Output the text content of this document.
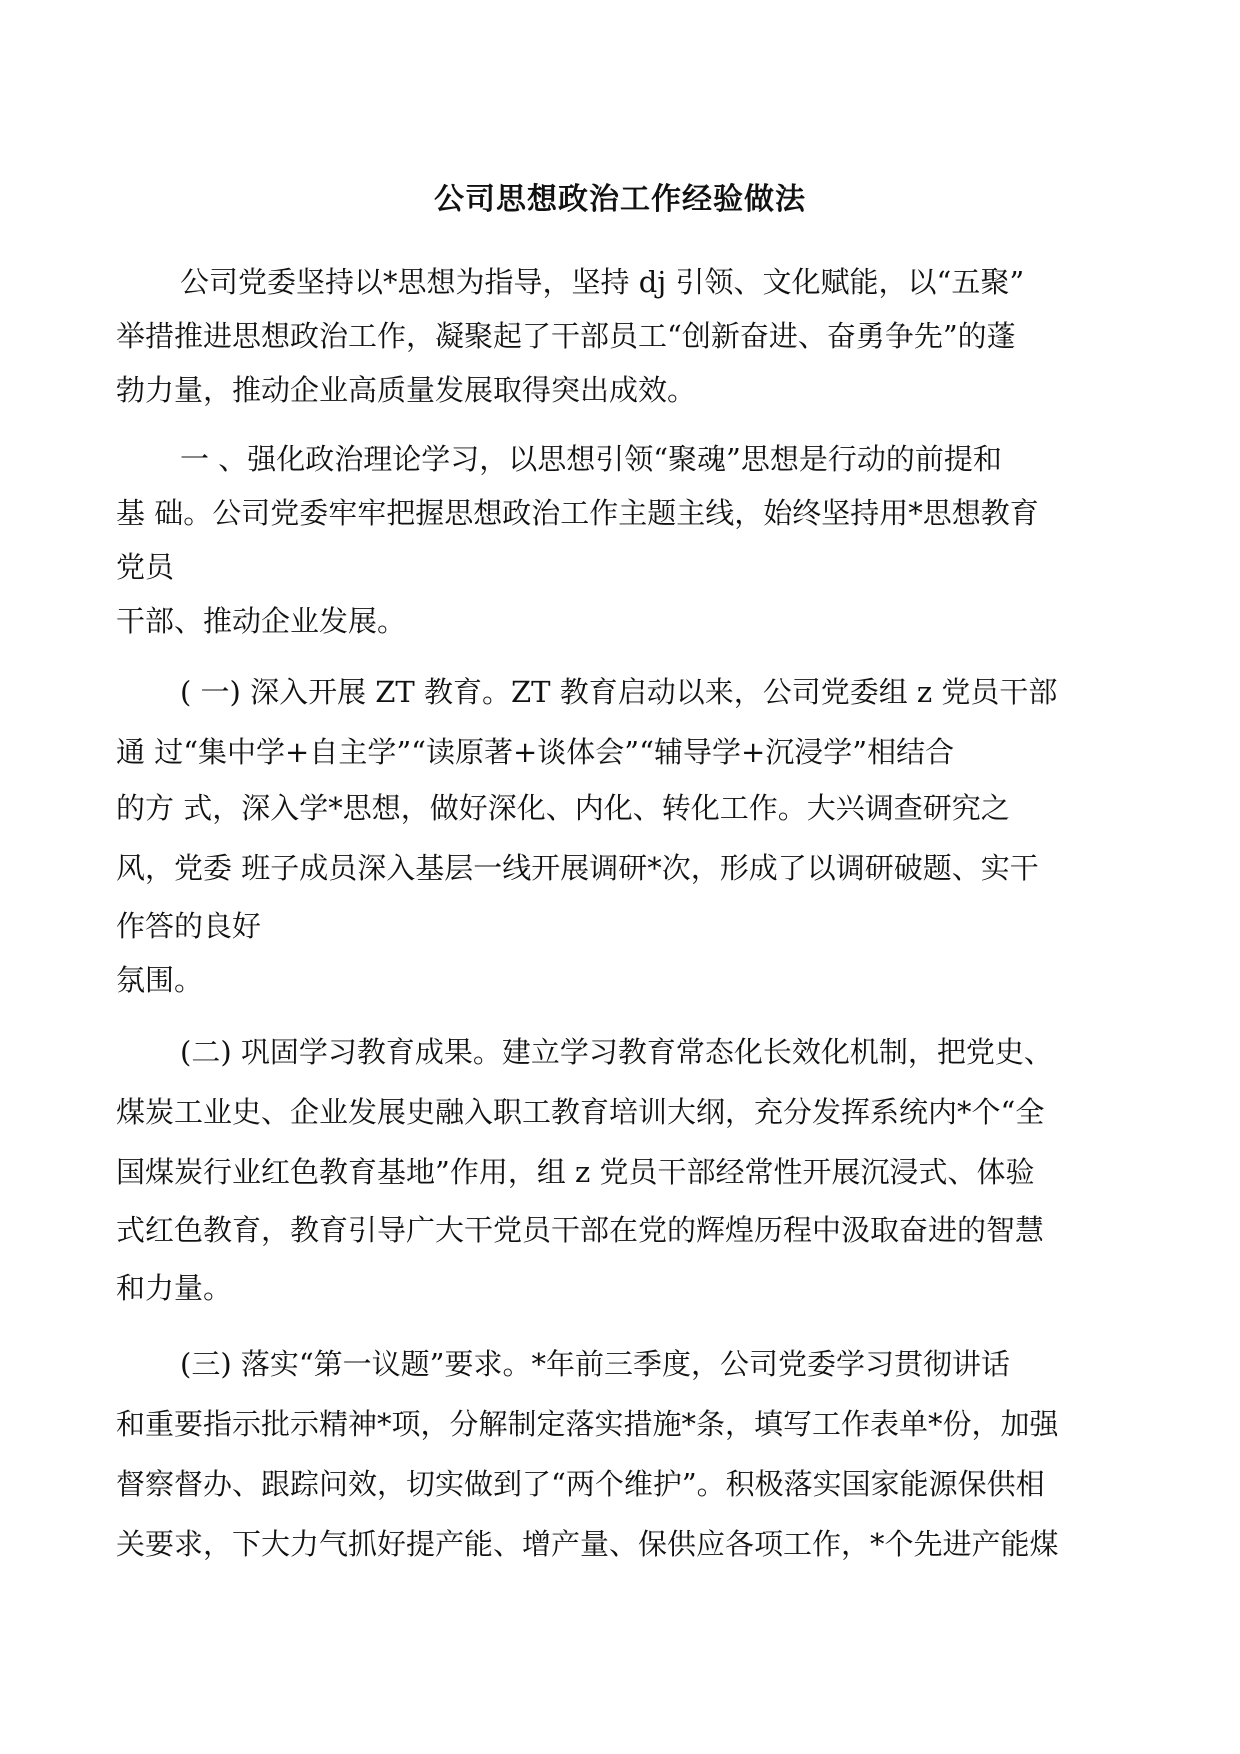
公司思想政治工作经验做法
公司党委坚持以*思想为指导，坚持 dj 引领、文化赋能，以“五聚”
举措推进思想政治工作，凝聚起了干部员工“创新奋进、奋勇争先”的蓬
勃力量，推动企业高质量发展取得突出成效。
一 、强化政治理论学习，以思想引领“聚魂”思想是行动的前提和
基 础。公司党委牢牢把握思想政治工作主题主线，始终坚持用*思想教育
党员
干部、推动企业发展。
( 一) 深入开展 ZT 教育。ZT 教育启动以来，公司党委组 z 党员干部
通 过“集中学+自主学”“读原著+谈体会”“辅导学+沉浸学”相结合
的方 式，深入学*思想，做好深化、内化、转化工作。大兴调查研究之
风，党委 班子成员深入基层一线开展调研*次，形成了以调研破题、实干
作答的良好
氛围。
(二) 巩固学习教育成果。建立学习教育常态化长效化机制，把党史、
煤炭工业史、企业发展史融入职工教育培训大纲，充分发挥系统内*个“全
国煤炭行业红色教育基地”作用，组 z 党员干部经常性开展沉浸式、体验
式红色教育，教育引导广大干党员干部在党的辉煌历程中汲取奋进的智慧
和力量。
(三) 落实“第一议题”要求。*年前三季度，公司党委学习贯彻讲话
和重要指示批示精神*项，分解制定落实措施*条，填写工作表单*份，加强
督察督办、跟踪问效，切实做到了“两个维护”。积极落实国家能源保供相
关要求，下大力气抓好提产能、增产量、保供应各项工作，*个先进产能煤
